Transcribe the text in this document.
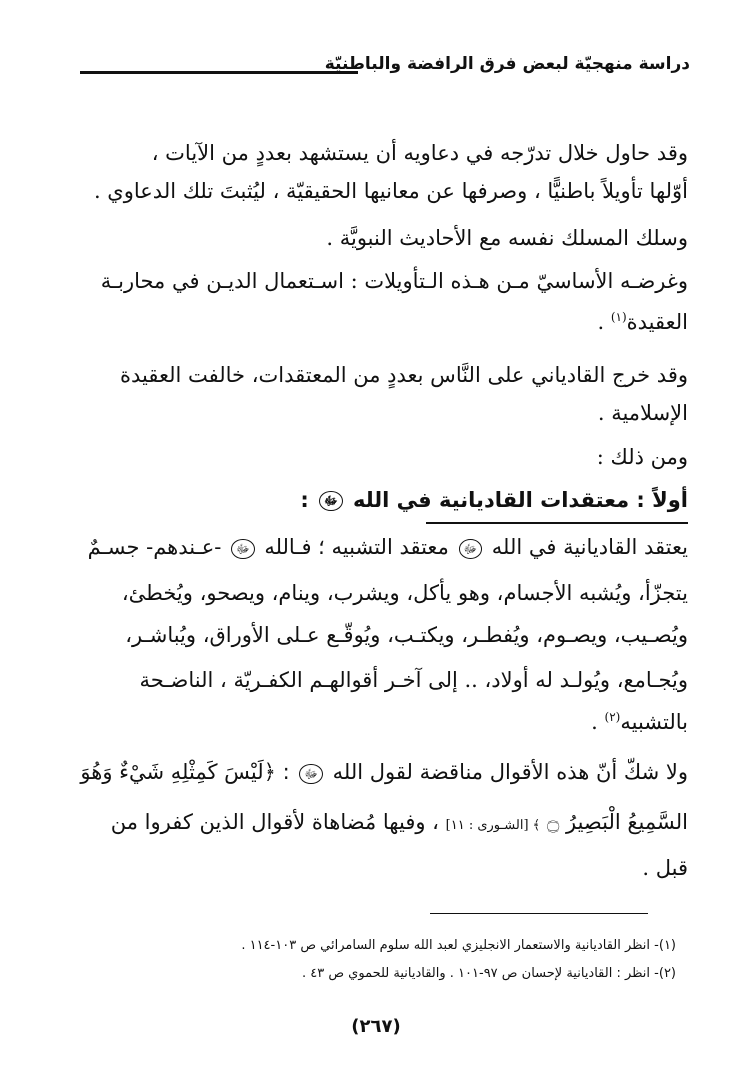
دراسة منهجيّة لبعض فرق الرافضة والباطنيّة
وقد حاول خلال تدرّجه في دعاويه أن يستشهد بعددٍ من الآيات ،
أوّلها تأويلاً باطنيًّا ، وصرفها عن معانيها الحقيقيّة ، ليُثبتَ تلك الدعاوي .
وسلك المسلك نفسه مع الأحاديث النبويَّة .
وغرضـه الأساسيّ مـن هـذه الـتأويلات : اسـتعمال الديـن في محاربـة
العقيدة$^{(١)}$ .
وقد خرج القادياني على النَّاس بعددٍ من المعتقدات، خالفت العقيدة
الإسلامية .
ومن ذلك :
أولاً : معتقدات القاديانية في الله ﷻ :
يعتقد القاديانية في الله ﷻ معتقد التشبيه ؛ فـالله ﷻ -عـندهم- جسـمٌ
يتجزّأ، ويُشبه الأجسام، وهو يأكل، ويشرب، وينام، ويصحو، ويُخطئ،
ويُصـيب، ويصـوم، ويُفطـر، ويكتـب، ويُوقّـع عـلى الأوراق، ويُباشـر،
ويُجـامع، ويُولـد له أولاد، .. إلى آخـر أقوالهـم الكفـريّة ، الناضـحة
بالتشبيه$^{(٢)}$ .
ولا شكّ أنّ هذه الأقوال مناقضة لقول الله ﷻ : ﴿لَيْسَ كَمِثْلِهِ شَيْءٌ وَهُوَ
السَّمِيعُ الْبَصِيرُ ۝ ﴾ [الشـورى : ١١] ، وفيها مُضاهاة لأقوال الذين كفروا من
قبل .
(١)- انظر القاديانية والاستعمار الانجليزي لعبد الله سلوم السامرائي ص ١٠٣-١١٤ .
(٢)- انظر : القاديانية لإحسان ص ٩٧-١٠١ . والقاديانية للحموي ص ٤٣ .
(٢٦٧)
